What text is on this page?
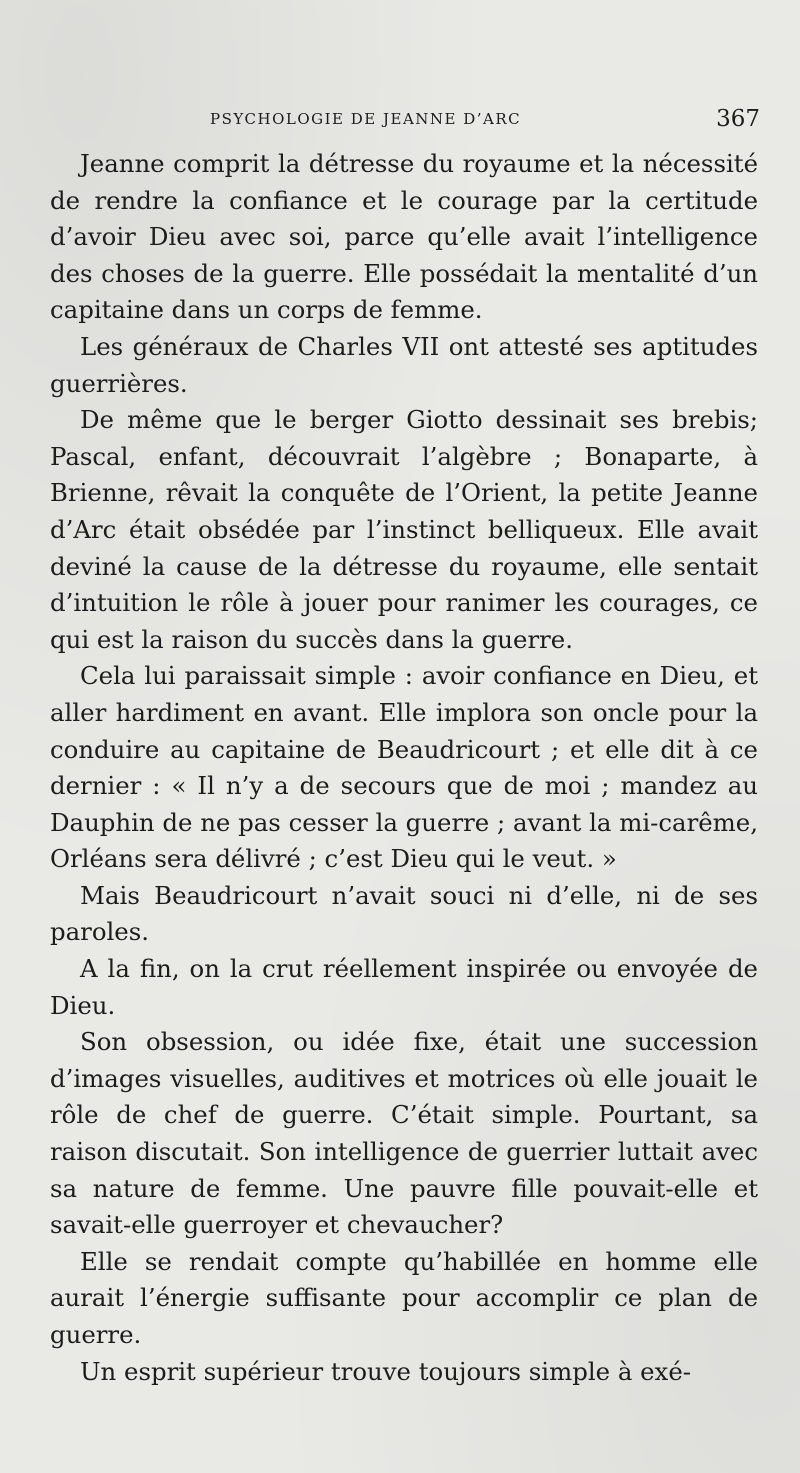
PSYCHOLOGIE DE JEANNE D’ARC	367

Jeanne comprit la détresse du royaume et la nécessité de rendre la confiance et le courage par la certitude d’avoir Dieu avec soi, parce qu’elle avait l’intelligence des choses de la guerre. Elle possédait la mentalité d’un capitaine dans un corps de femme.

Les généraux de Charles VII ont attesté ses aptitudes guerrières.

De même que le berger Giotto dessinait ses brebis; Pascal, enfant, découvrait l’algèbre ; Bonaparte, à Brienne, rêvait la conquête de l’Orient, la petite Jeanne d’Arc était obsédée par l’instinct belliqueux. Elle avait deviné la cause de la détresse du royaume, elle sentait d’intuition le rôle à jouer pour ranimer les courages, ce qui est la raison du succès dans la guerre.

Cela lui paraissait simple : avoir confiance en Dieu, et aller hardiment en avant. Elle implora son oncle pour la conduire au capitaine de Beaudricourt ; et elle dit à ce dernier : « Il n’y a de secours que de moi ; mandez au Dauphin de ne pas cesser la guerre ; avant la mi-carême, Orléans sera délivré ; c’est Dieu qui le veut. »

Mais Beaudricourt n’avait souci ni d’elle, ni de ses paroles.

A la fin, on la crut réellement inspirée ou envoyée de Dieu.

Son obsession, ou idée fixe, était une succession d’images visuelles, auditives et motrices où elle jouait le rôle de chef de guerre. C’était simple. Pourtant, sa raison discutait. Son intelligence de guerrier luttait avec sa nature de femme. Une pauvre fille pouvait-elle et savait-elle guerroyer et chevaucher?

Elle se rendait compte qu’habillée en homme elle aurait l’énergie suffisante pour accomplir ce plan de guerre.

Un esprit supérieur trouve toujours simple à exé-
